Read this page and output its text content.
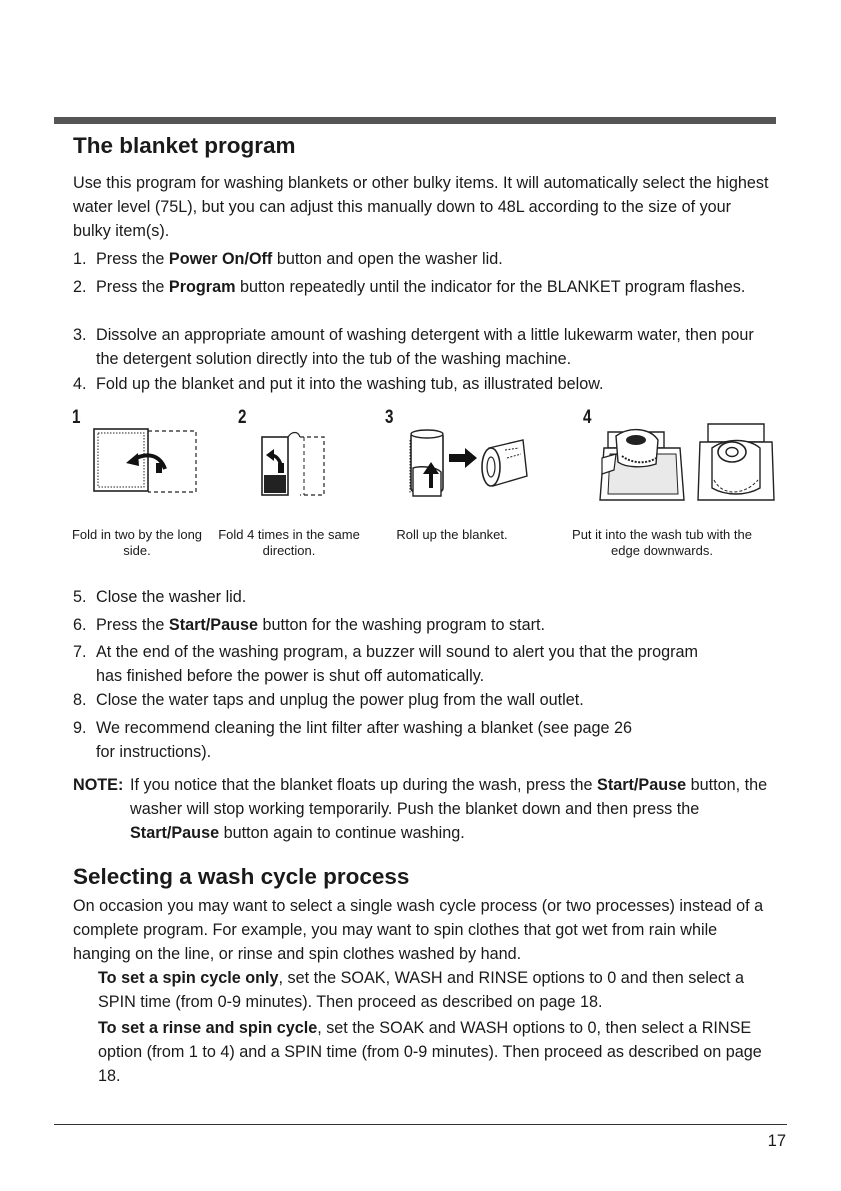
The blanket program

Use this program for washing blankets or other bulky items. It will automatically select the highest water level (75L), but you can adjust this manually down to 48L according to the size of your bulky item(s).

1. Press the Power On/Off button and open the washer lid.
2. Press the Program button repeatedly until the indicator for the BLANKET program flashes.
3. Dissolve an appropriate amount of washing detergent with a little lukewarm water, then pour the detergent solution directly into the tub of the washing machine.
4. Fold up the blanket and put it into the washing tub, as illustrated below.
1	2	3	4
Fold in two by the long side.
Fold 4 times in the same direction.
Roll up the blanket.	Put it into the wash tub with the edge downwards.
5. Close the washer lid.
6. Press the Start/Pause button for the washing program to start.
7. At the end of the washing program, a buzzer will sound to alert you that the program has finished before the power is shut off automatically.
8. Close the water taps and unplug the power plug from the wall outlet.
9. We recommend cleaning the lint filter after washing a blanket (see page 26 for instructions).
NOTE: If you notice that the blanket floats up during the wash, press the Start/Pause button, the washer will stop working temporarily. Push the blanket down and then press the Start/Pause button again to continue washing.
Selecting a wash cycle process

On occasion you may want to select a single wash cycle process (or two processes) instead of a complete program. For example, you may want to spin clothes that got wet from rain while hanging on the line, or rinse and spin clothes washed by hand.

To set a spin cycle only, set the SOAK, WASH and RINSE options to 0 and then select a SPIN time (from 0-9 minutes). Then proceed as described on page 18.
To set a rinse and spin cycle, set the SOAK and WASH options to 0, then select a RINSE option (from 1 to 4) and a SPIN time (from 0-9 minutes). Then proceed as described on page 18.
17
